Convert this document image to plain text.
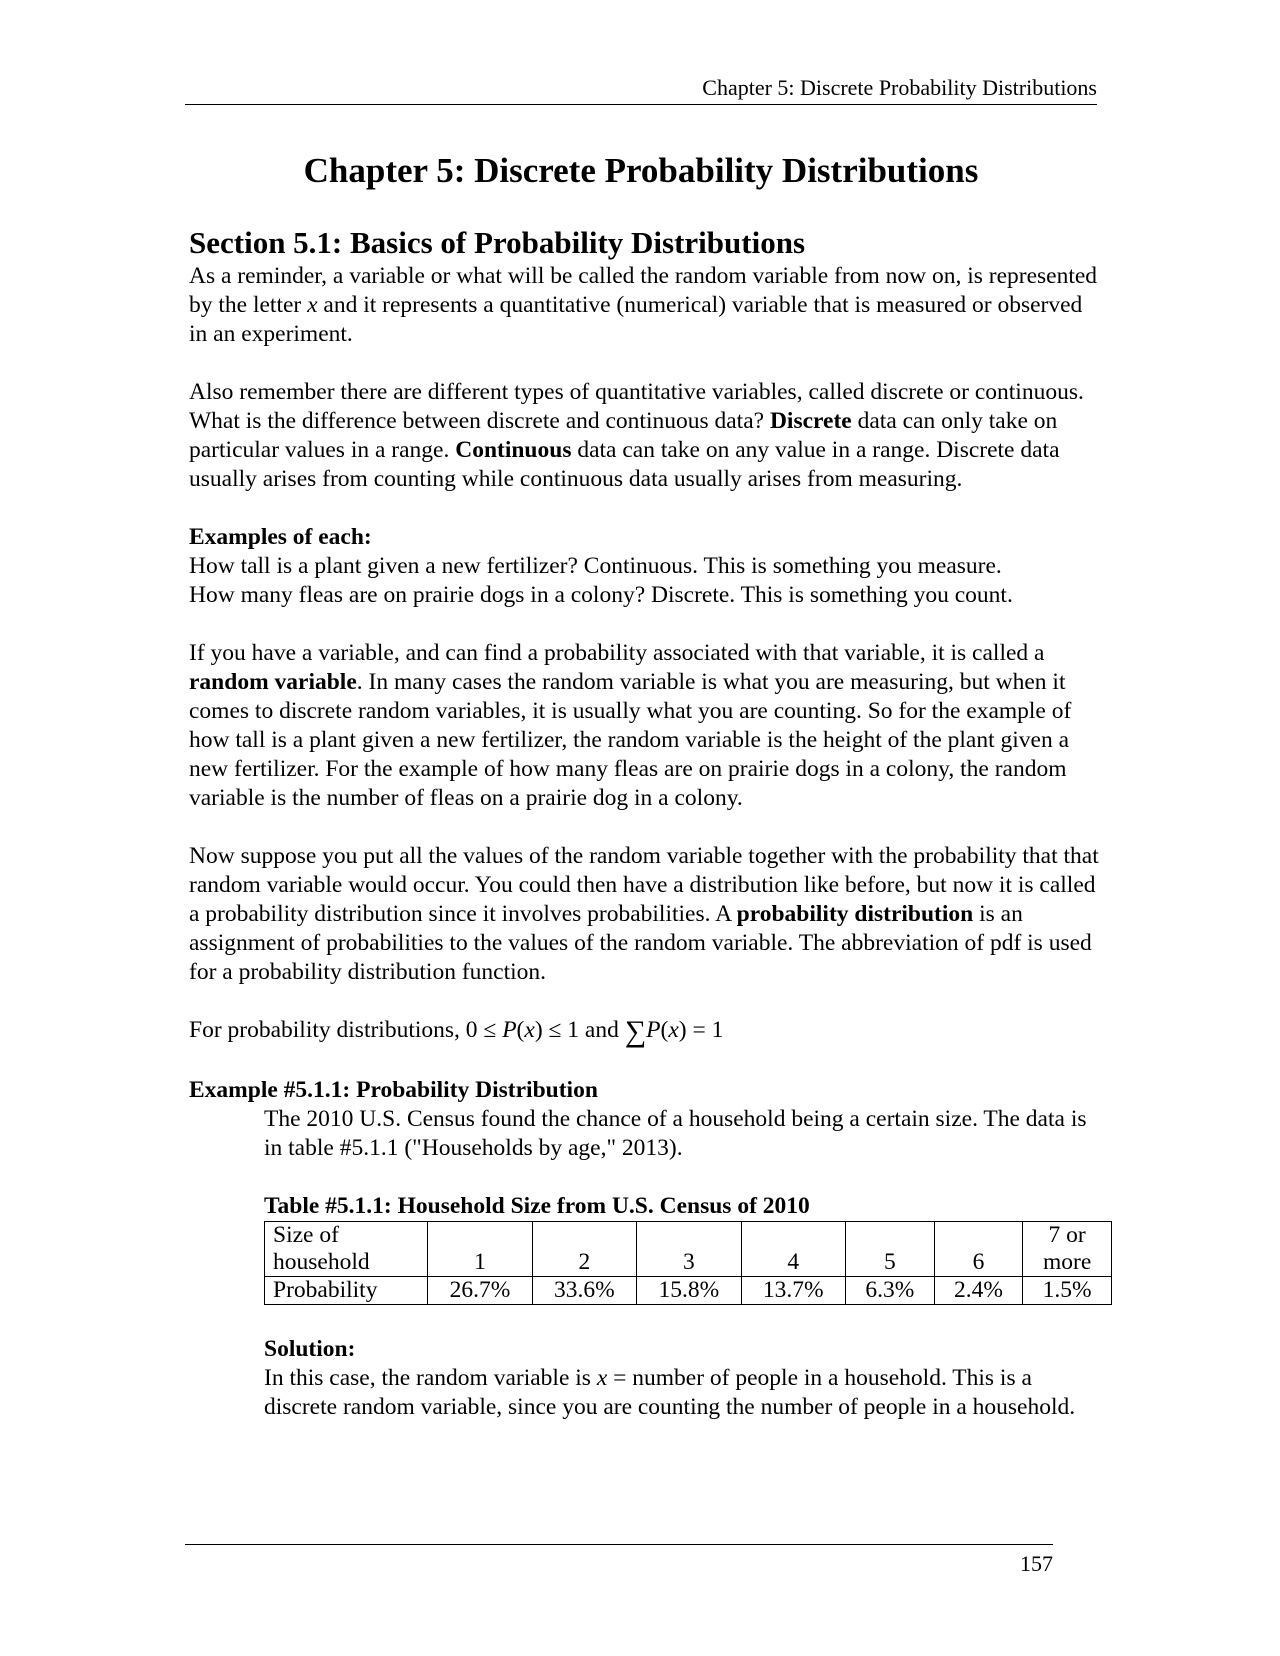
Chapter 5: Discrete Probability Distributions
Chapter 5: Discrete Probability Distributions
Section 5.1: Basics of Probability Distributions

As a reminder, a variable or what will be called the random variable from now on, is represented by the letter x and it represents a quantitative (numerical) variable that is measured or observed in an experiment.

Also remember there are different types of quantitative variables, called discrete or continuous. What is the difference between discrete and continuous data? Discrete data can only take on particular values in a range. Continuous data can take on any value in a range. Discrete data usually arises from counting while continuous data usually arises from measuring.

Examples of each:
How tall is a plant given a new fertilizer? Continuous. This is something you measure.

How many fleas are on prairie dogs in a colony? Discrete. This is something you count.

If you have a variable, and can find a probability associated with that variable, it is called a random variable. In many cases the random variable is what you are measuring, but when it comes to discrete random variables, it is usually what you are counting. So for the example of how tall is a plant given a new fertilizer, the random variable is the height of the plant given a new fertilizer. For the example of how many fleas are on prairie dogs in a colony, the random variable is the number of fleas on a prairie dog in a colony.

Now suppose you put all the values of the random variable together with the probability that that random variable would occur. You could then have a distribution like before, but now it is called a probability distribution since it involves probabilities. A probability distribution is an assignment of probabilities to the values of the random variable. The abbreviation of pdf is used for a probability distribution function.

For probability distributions, 0 ≤ P(x) ≤ 1 and ∑P(x) = 1
Example #5.1.1: Probability Distribution

The 2010 U.S. Census found the chance of a household being a certain size. The data is in table #5.1.1 ("Households by age," 2013).

Table #5.1.1: Household Size from U.S. Census of 2010
Size of
household	1	2	3	4	5	6	7 or
more
Probability	26.7%	33.6%	15.8%	13.7%	6.3%	2.4%	1.5%
Solution:
In this case, the random variable is x = number of people in a household. This is a discrete random variable, since you are counting the number of people in a household.
157
